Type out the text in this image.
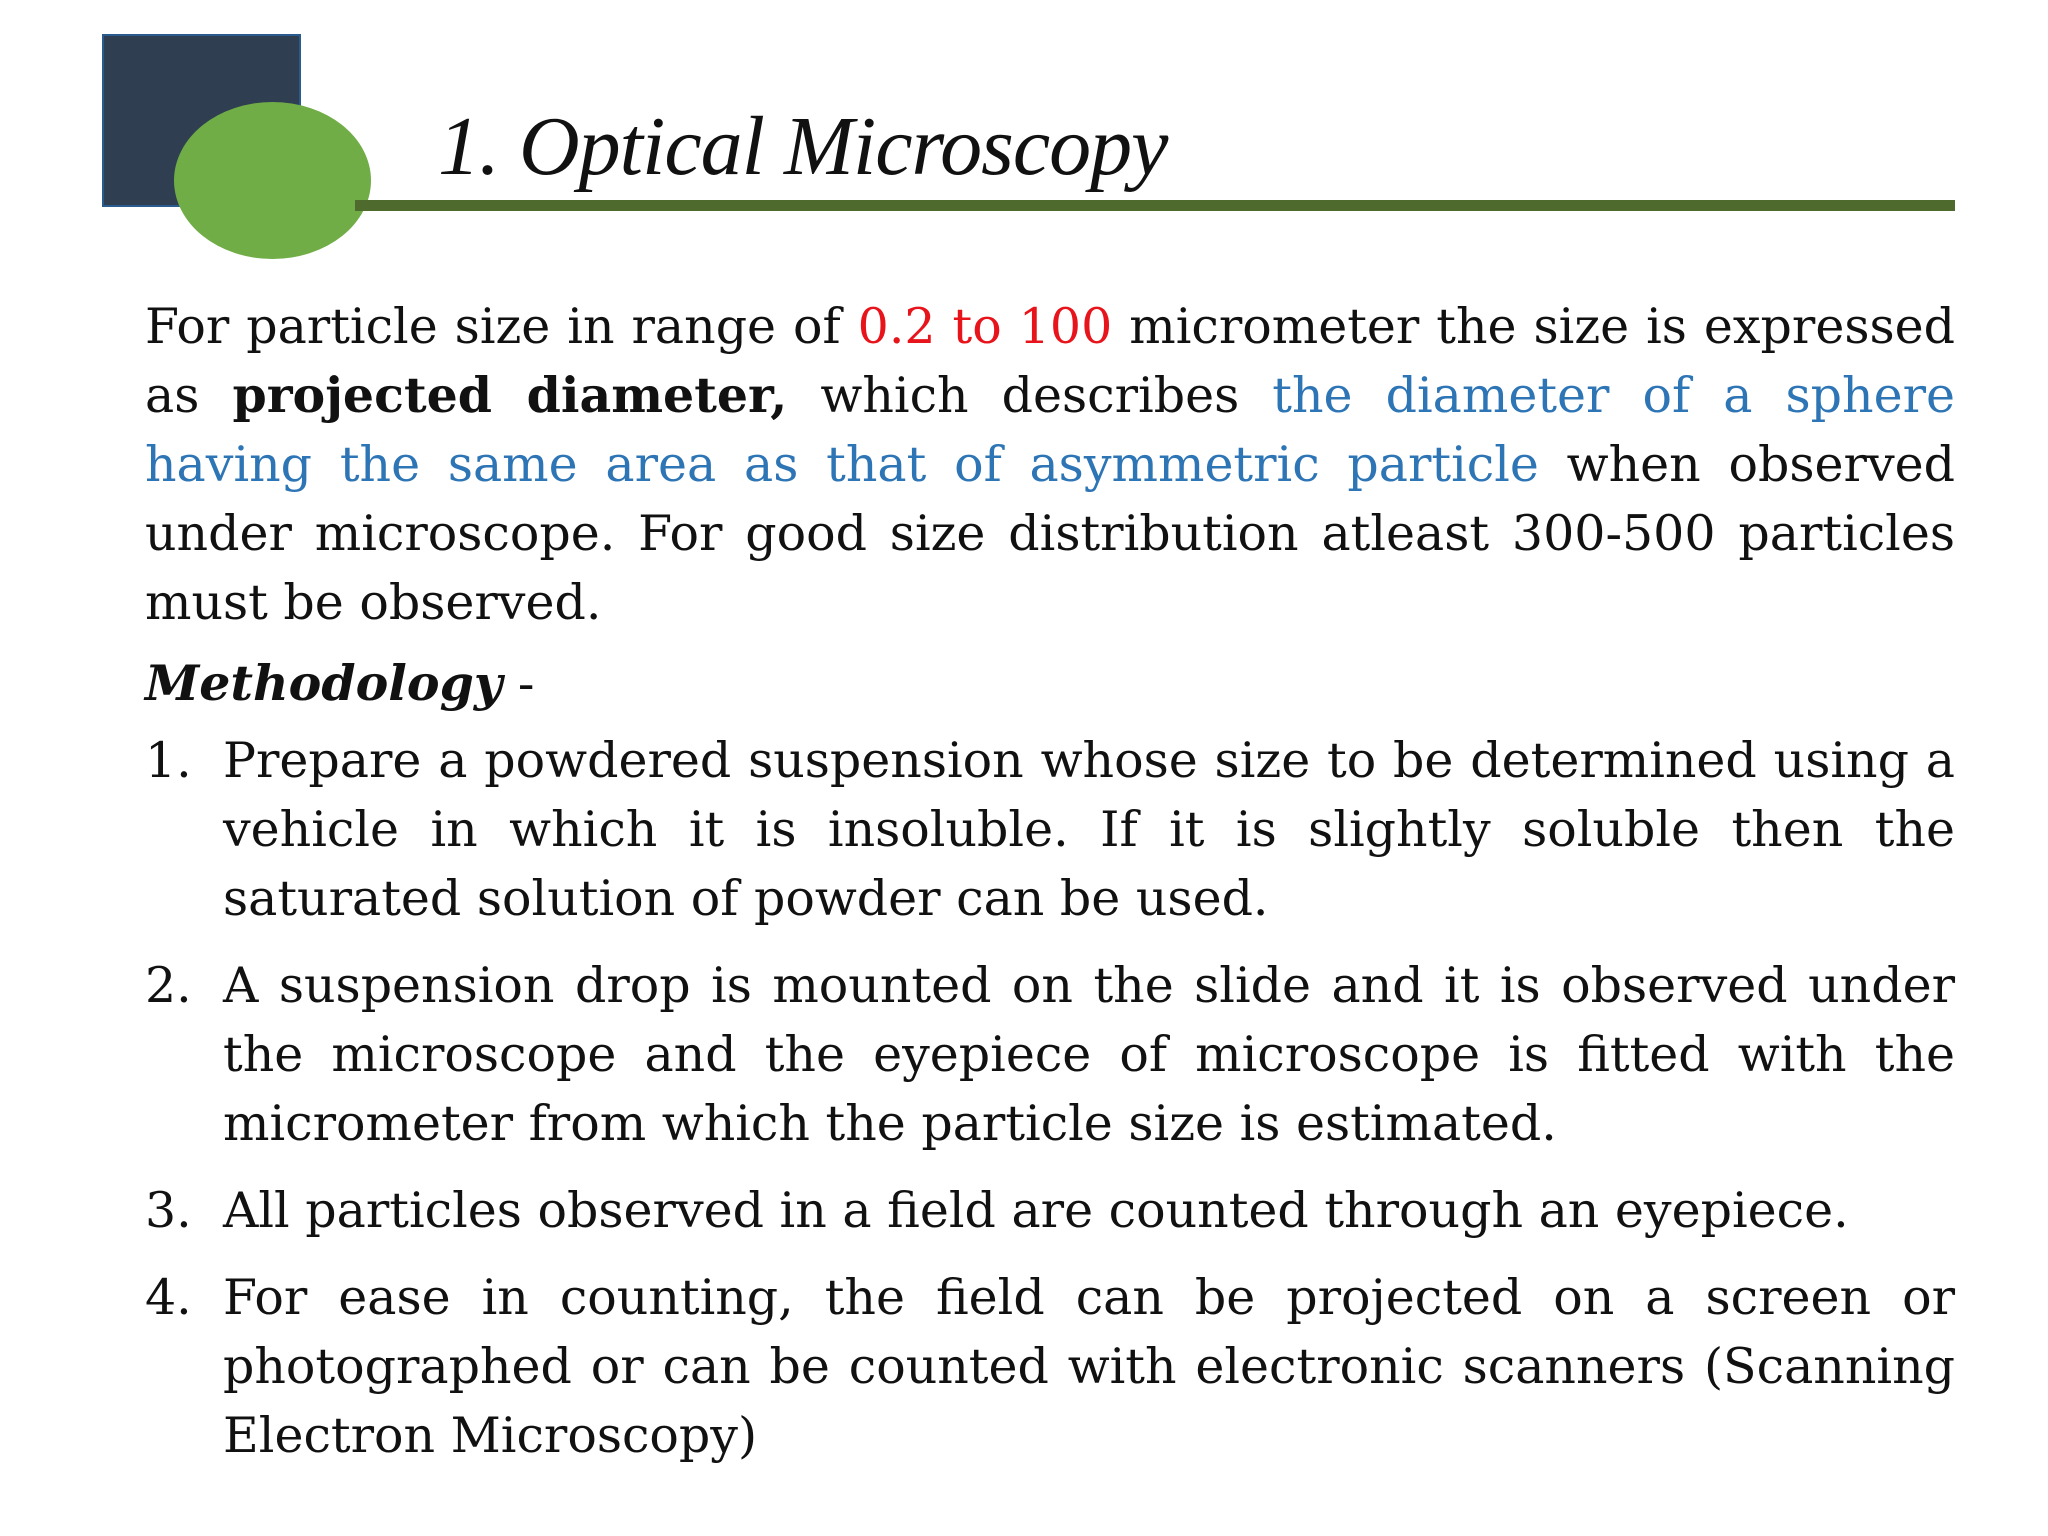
1. Optical Microscopy

For particle size in range of 0.2 to 100 micrometer the size is expressed as projected diameter, which describes the diameter of a sphere having the same area as that of asymmetric particle when observed under microscope. For good size distribution atleast 300-500 particles must be observed.

Methodology -
1. Prepare a powdered suspension whose size to be determined using a vehicle in which it is insoluble. If it is slightly soluble then the saturated solution of powder can be used.
2. A suspension drop is mounted on the slide and it is observed under the microscope and the eyepiece of microscope is fitted with the micrometer from which the particle size is estimated.
3. All particles observed in a field are counted through an eyepiece.
4. For ease in counting, the field can be projected on a screen or photographed or can be counted with electronic scanners (Scanning Electron Microscopy)
